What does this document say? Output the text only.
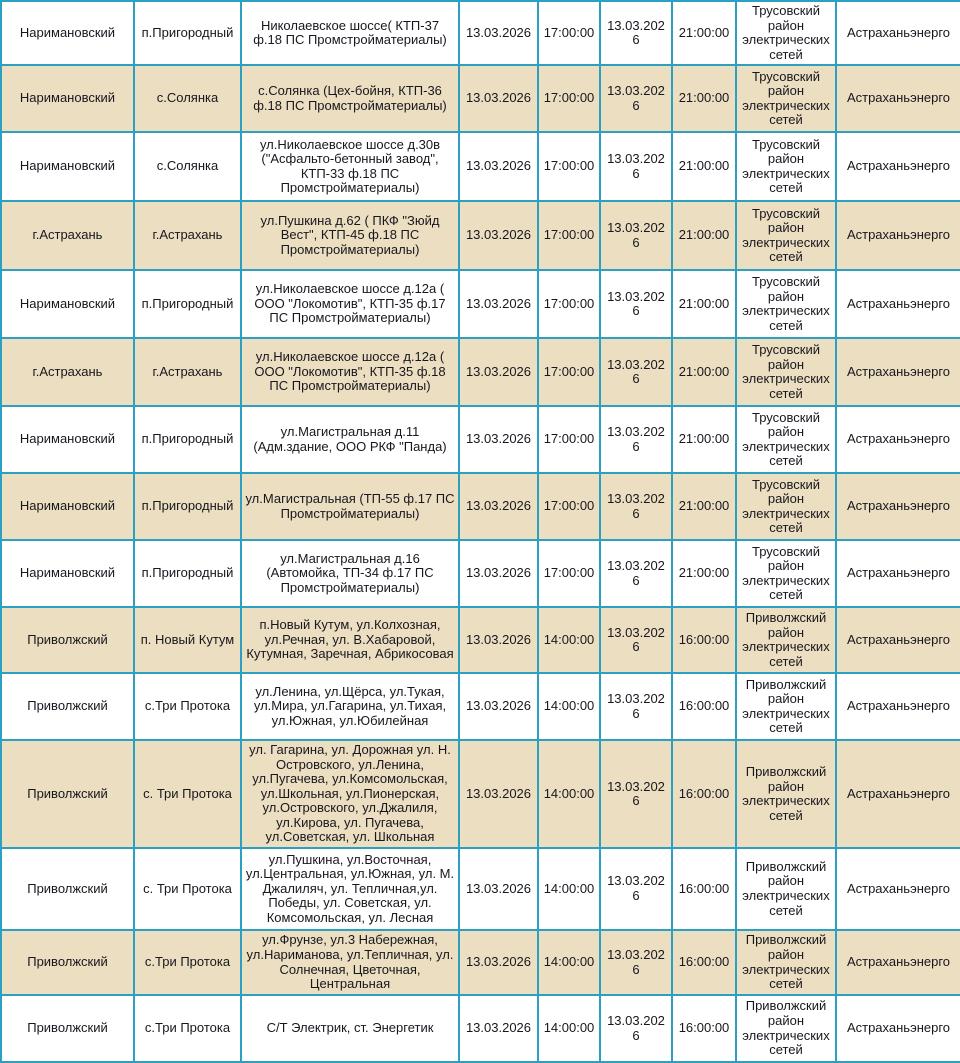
Наримановский	п.Пригородный	Николаевское шоссе( КТП-37 ф.18 ПС Промстройматериалы)	13.03.2026	17:00:00	13.03.2026	21:00:00	Трусовский район электрических сетей	Астраханьэнерго
Наримановский	с.Солянка	с.Солянка (Цех-бойня, КТП-36 ф.18 ПС Промстройматериалы)	13.03.2026	17:00:00	13.03.2026	21:00:00	Трусовский район электрических сетей	Астраханьэнерго
Наримановский	с.Солянка	ул.Николаевское шоссе д.30в ("Асфальто-бетонный завод", КТП-33 ф.18 ПС Промстройматериалы)	13.03.2026	17:00:00	13.03.2026	21:00:00	Трусовский район электрических сетей	Астраханьэнерго
г.Астрахань	г.Астрахань	ул.Пушкина д.62 ( ПКФ "Зюйд Вест", КТП-45 ф.18 ПС Промстройматериалы)	13.03.2026	17:00:00	13.03.2026	21:00:00	Трусовский район электрических сетей	Астраханьэнерго
Наримановский	п.Пригородный	ул.Николаевское шоссе д.12а ( ООО "Локомотив", КТП-35 ф.17 ПС Промстройматериалы)	13.03.2026	17:00:00	13.03.2026	21:00:00	Трусовский район электрических сетей	Астраханьэнерго
г.Астрахань	г.Астрахань	ул.Николаевское шоссе д.12а ( ООО "Локомотив", КТП-35 ф.18 ПС Промстройматериалы)	13.03.2026	17:00:00	13.03.2026	21:00:00	Трусовский район электрических сетей	Астраханьэнерго
Наримановский	п.Пригородный	ул.Магистральная д.11 (Адм.здание, ООО РКФ "Панда)	13.03.2026	17:00:00	13.03.2026	21:00:00	Трусовский район электрических сетей	Астраханьэнерго
Наримановский	п.Пригородный	ул.Магистральная (ТП-55 ф.17 ПС Промстройматериалы)	13.03.2026	17:00:00	13.03.2026	21:00:00	Трусовский район электрических сетей	Астраханьэнерго
Наримановский	п.Пригородный	ул.Магистральная д.16 (Автомойка, ТП-34 ф.17 ПС Промстройматериалы)	13.03.2026	17:00:00	13.03.2026	21:00:00	Трусовский район электрических сетей	Астраханьэнерго
Приволжский	п. Новый Кутум	п.Новый Кутум, ул.Колхозная, ул.Речная, ул. В.Хабаровой, Кутумная, Заречная, Абрикосовая	13.03.2026	14:00:00	13.03.2026	16:00:00	Приволжский район электрических сетей	Астраханьэнерго
Приволжский	с.Три Протока	ул.Ленина, ул.Щёрса, ул.Тукая, ул.Мира, ул.Гагарина, ул.Тихая, ул.Южная, ул.Юбилейная	13.03.2026	14:00:00	13.03.2026	16:00:00	Приволжский район электрических сетей	Астраханьэнерго
Приволжский	с. Три Протока	ул. Гагарина, ул. Дорожная ул. Н. Островского, ул.Ленина, ул.Пугачева, ул.Комсомольская, ул.Школьная, ул.Пионерская, ул.Островского, ул.Джалиля, ул.Кирова, ул. Пугачева, ул.Советская, ул. Школьная	13.03.2026	14:00:00	13.03.2026	16:00:00	Приволжский район электрических сетей	Астраханьэнерго
Приволжский	с. Три Протока	ул.Пушкина, ул.Восточная, ул.Центральная, ул.Южная, ул. М. Джалиляч, ул. Тепличная,ул. Победы, ул. Советская, ул. Комсомольская, ул. Лесная	13.03.2026	14:00:00	13.03.2026	16:00:00	Приволжский район электрических сетей	Астраханьэнерго
Приволжский	с.Три Протока	ул.Фрунзе, ул.3 Набережная, ул.Нариманова, ул.Тепличная, ул. Солнечная, Цветочная, Центральная	13.03.2026	14:00:00	13.03.2026	16:00:00	Приволжский район электрических сетей	Астраханьэнерго
Приволжский	с.Три Протока	С/Т Электрик, ст. Энергетик	13.03.2026	14:00:00	13.03.2026	16:00:00	Приволжский район электрических сетей	Астраханьэнерго
